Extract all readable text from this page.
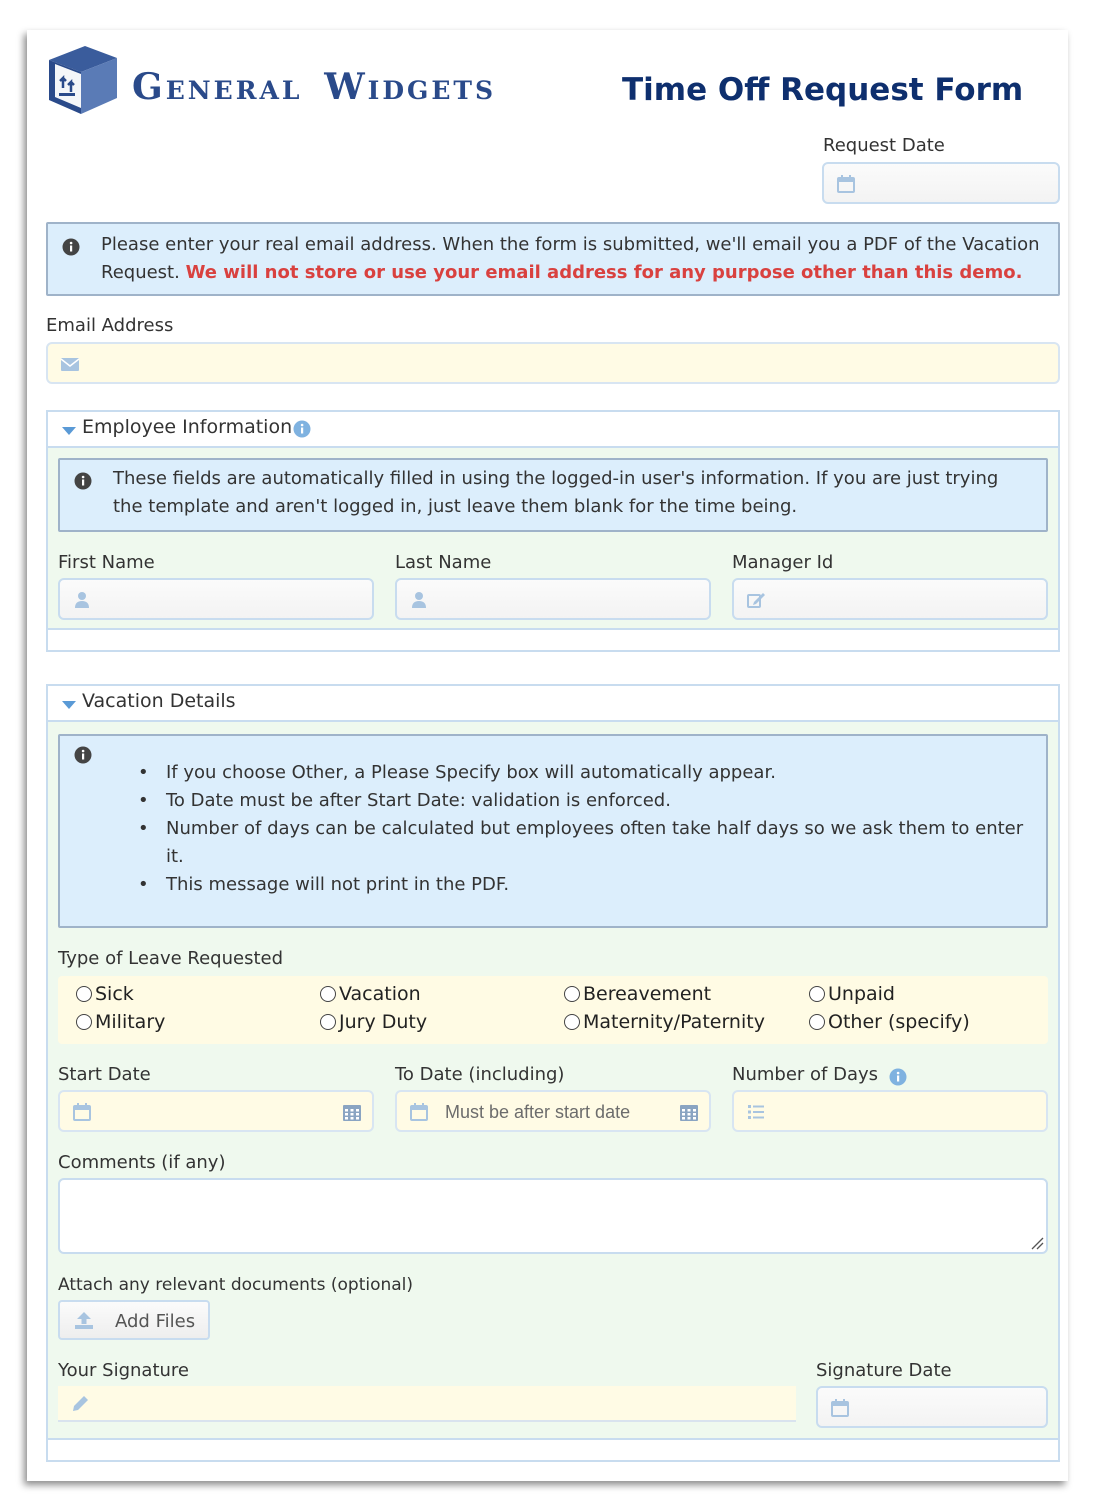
GENERAL WIDGETS	Time Off Request Form
Request Date
Please enter your real email address. When the form is submitted, we'll email you a PDF of the Vacation Request. We will not store or use your email address for any purpose other than this demo.
Email Address
Employee Information
These fields are automatically filled in using the logged-in user's information. If you are just trying the template and aren't logged in, just leave them blank for the time being.
First Name	Last Name	Manager Id
Vacation Details
• If you choose Other, a Please Specify box will automatically appear.
• To Date must be after Start Date: validation is enforced.
• Number of days can be calculated but employees often take half days so we ask them to enter it.
• This message will not print in the PDF.
Type of Leave Requested
Sick	Vacation	Bereavement	Unpaid
Military	Jury Duty	Maternity/Paternity	Other (specify)
Start Date	To Date (including)	Number of Days
Must be after start date
Comments (if any)
Attach any relevant documents (optional)
Add Files
Your Signature	Signature Date
